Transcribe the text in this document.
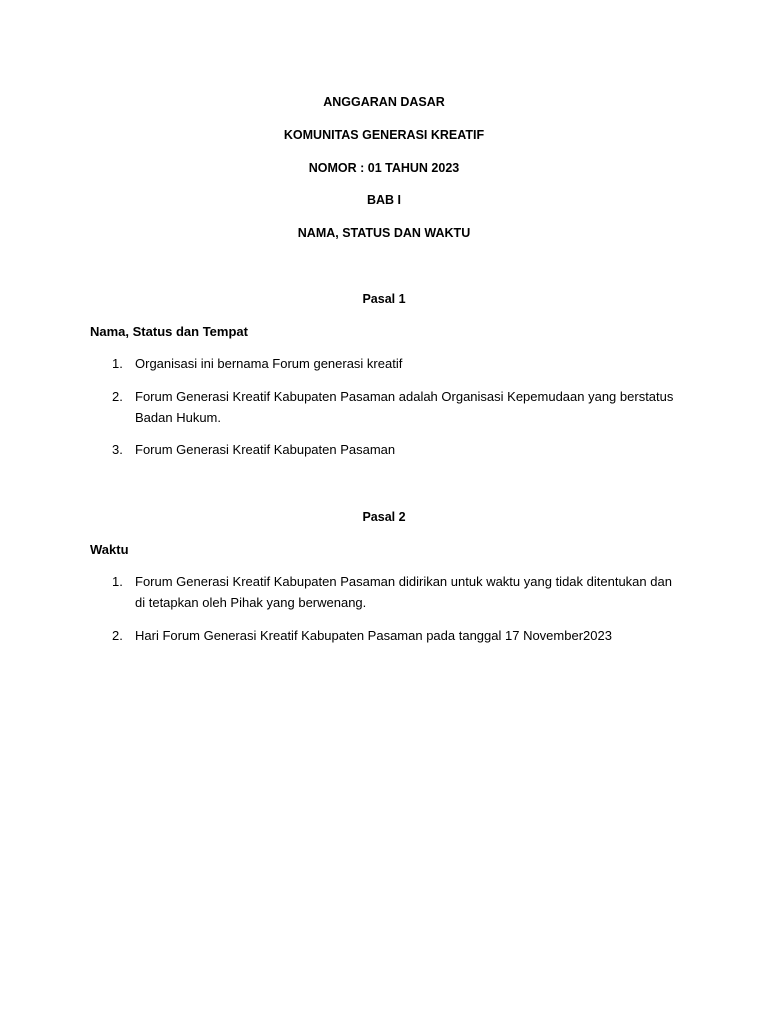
ANGGARAN DASAR
KOMUNITAS GENERASI KREATIF
NOMOR : 01 TAHUN 2023
BAB I
NAMA, STATUS DAN WAKTU
Pasal 1
Nama, Status dan Tempat
1. Organisasi ini bernama Forum generasi kreatif
2. Forum Generasi Kreatif Kabupaten Pasaman adalah Organisasi Kepemudaan yang berstatus Badan Hukum.
3. Forum Generasi Kreatif Kabupaten Pasaman
Pasal 2
Waktu
1. Forum Generasi Kreatif Kabupaten Pasaman didirikan untuk waktu yang tidak ditentukan dan di tetapkan oleh Pihak yang berwenang.
2. Hari Forum Generasi Kreatif Kabupaten Pasaman pada tanggal 17 November2023
